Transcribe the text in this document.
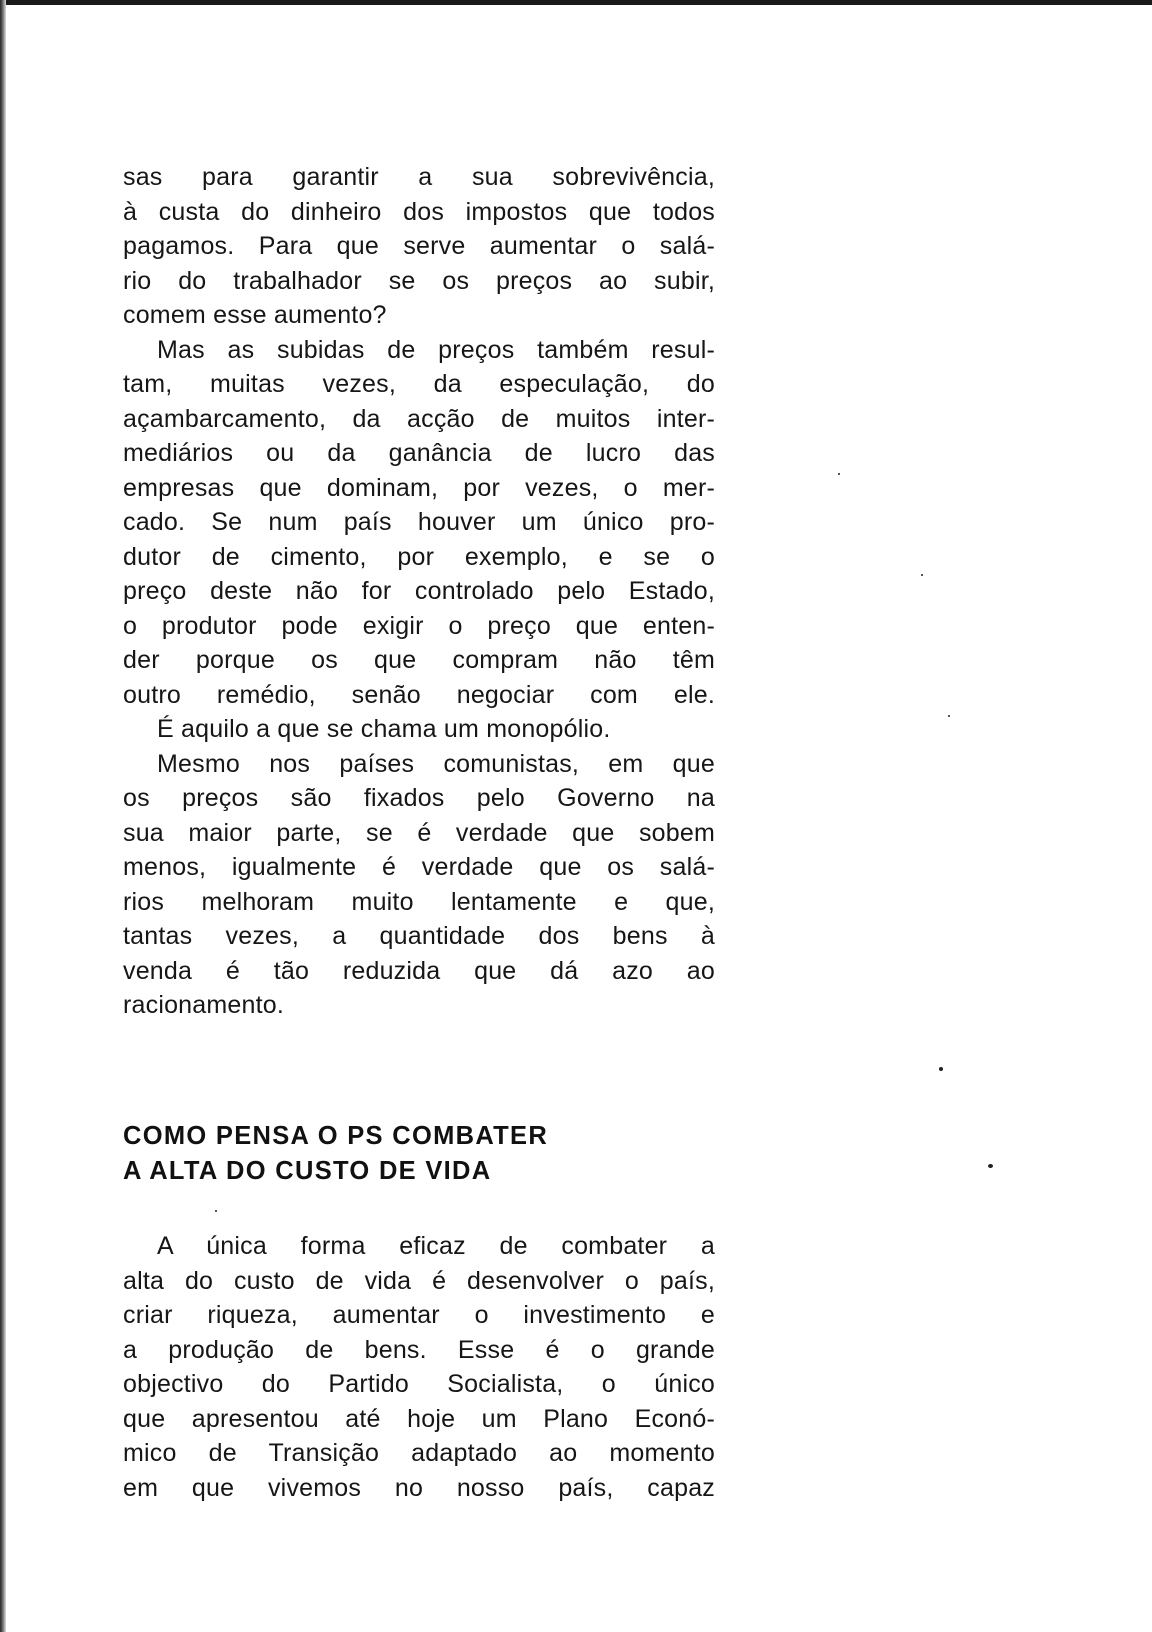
sas para garantir a sua sobrevivência,
à custa do dinheiro dos impostos que todos
pagamos. Para que serve aumentar o salá-
rio do trabalhador se os preços ao subir,
comem esse aumento?
Mas as subidas de preços também resul-
tam, muitas vezes, da especulação, do
açambarcamento, da acção de muitos inter-
mediários ou da ganância de lucro das
empresas que dominam, por vezes, o mer-
cado. Se num país houver um único pro-
dutor de cimento, por exemplo, e se o
preço deste não for controlado pelo Estado,
o produtor pode exigir o preço que enten-
der porque os que compram não têm
outro remédio, senão negociar com ele.
É aquilo a que se chama um monopólio.
Mesmo nos países comunistas, em que
os preços são fixados pelo Governo na
sua maior parte, se é verdade que sobem
menos, igualmente é verdade que os salá-
rios melhoram muito lentamente e que,
tantas vezes, a quantidade dos bens à
venda é tão reduzida que dá azo ao
racionamento.
COMO PENSA O PS COMBATER
A ALTA DO CUSTO DE VIDA
A única forma eficaz de combater a
alta do custo de vida é desenvolver o país,
criar riqueza, aumentar o investimento e
a produção de bens. Esse é o grande
objectivo do Partido Socialista, o único
que apresentou até hoje um Plano Econó-
mico de Transição adaptado ao momento
em que vivemos no nosso país, capaz
